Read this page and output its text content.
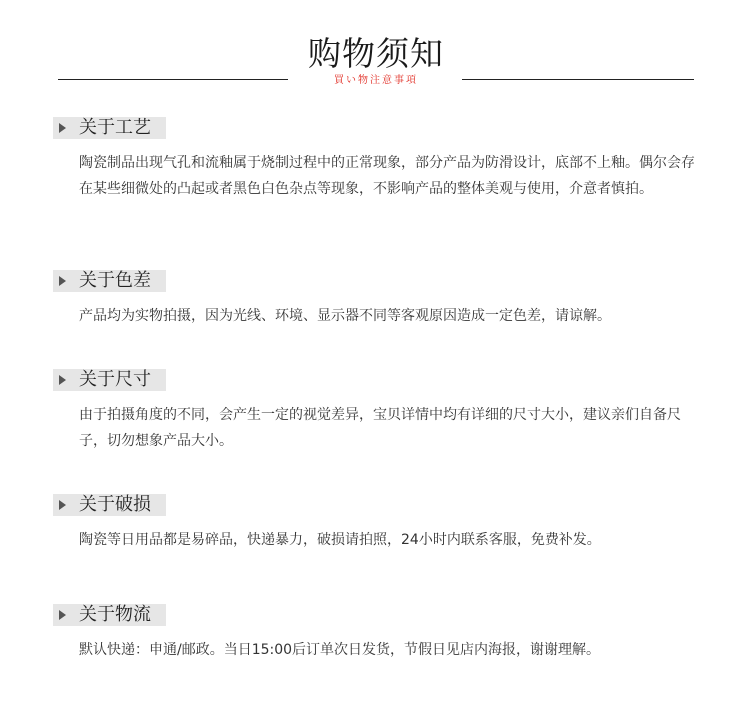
购物须知
買い物注意事項
关于工艺
陶瓷制品出现气孔和流釉属于烧制过程中的正常现象，部分产品为防滑设计，底部不上釉。偶尔会存在某些细微处的凸起或者黑色白色杂点等现象，不影响产品的整体美观与使用，介意者慎拍。
关于色差
产品均为实物拍摄，因为光线、环境、显示器不同等客观原因造成一定色差，请谅解。
关于尺寸
由于拍摄角度的不同，会产生一定的视觉差异，宝贝详情中均有详细的尺寸大小，建议亲们自备尺子，切勿想象产品大小。
关于破损
陶瓷等日用品都是易碎品，快递暴力，破损请拍照，24小时内联系客服，免费补发。
关于物流
默认快递：申通/邮政。当日15:00后订单次日发货，节假日见店内海报，谢谢理解。
